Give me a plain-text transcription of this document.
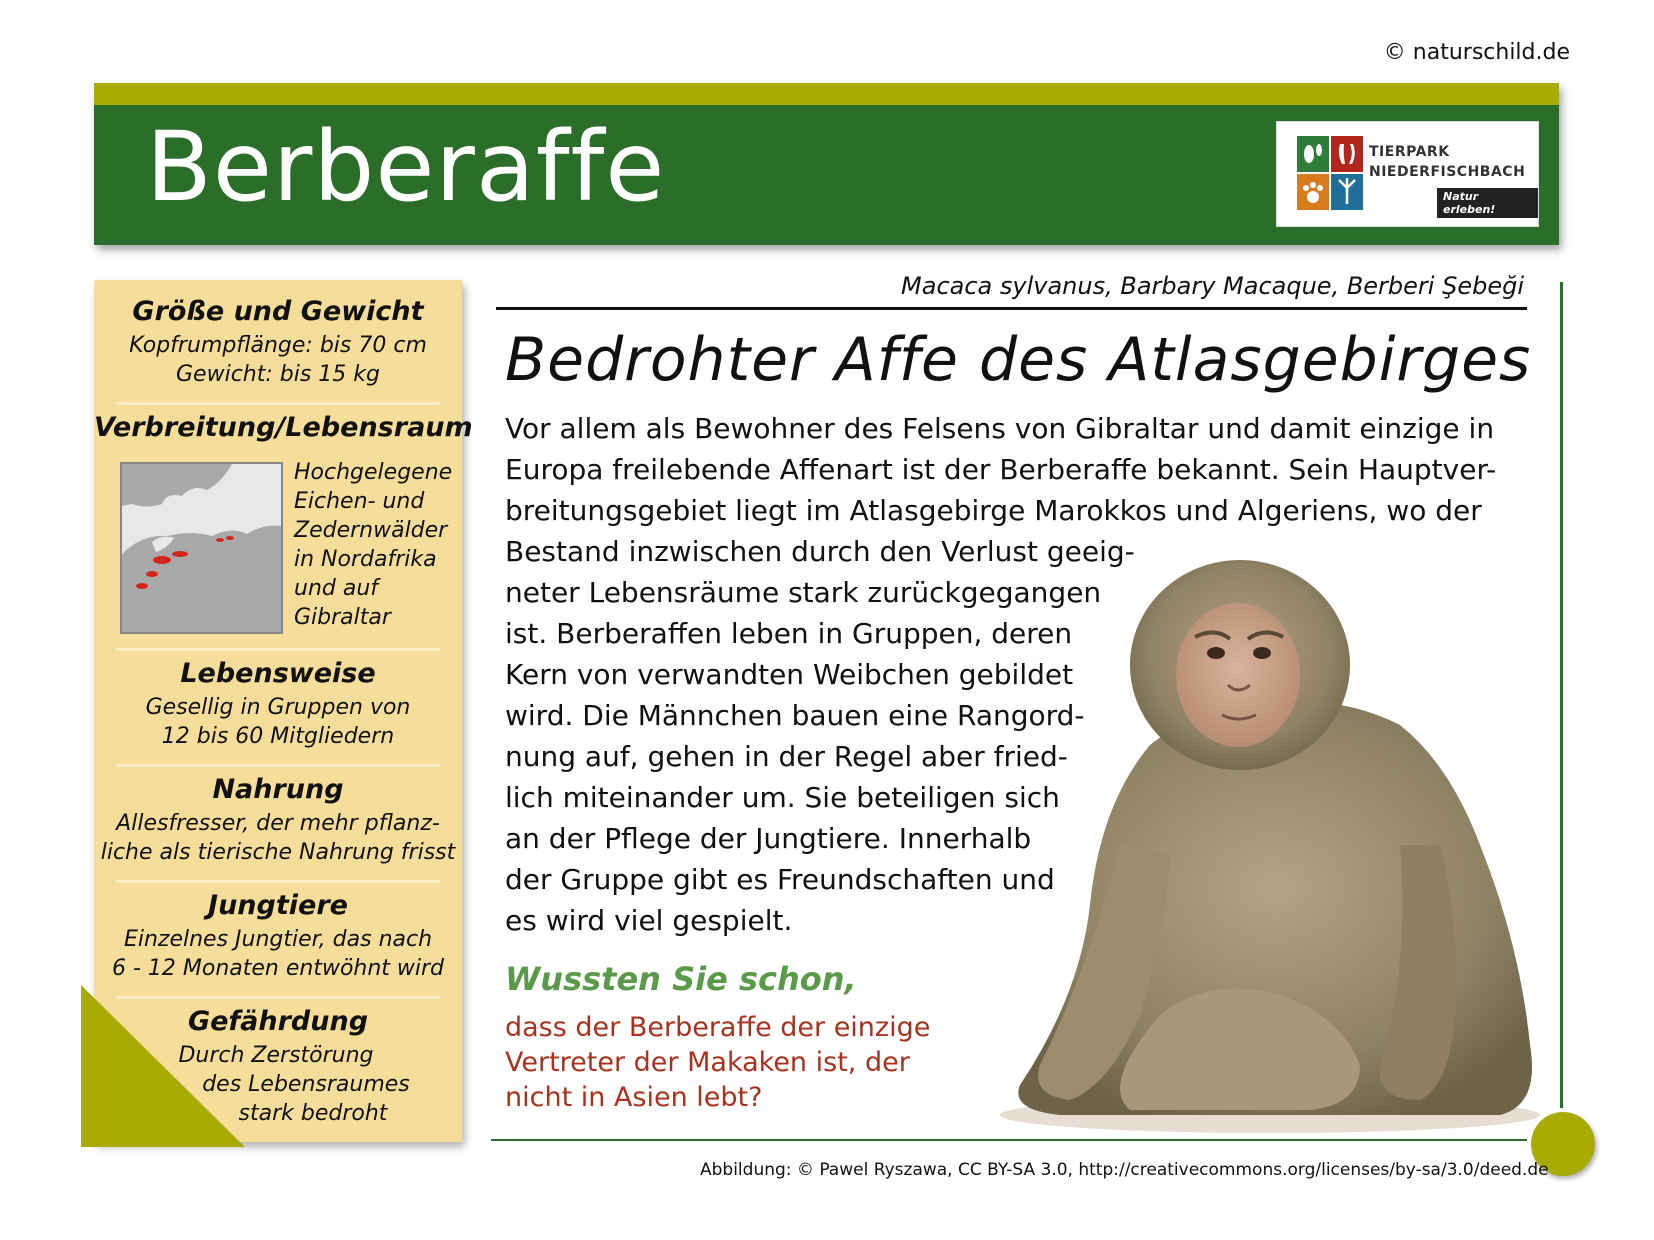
© naturschild.de
Berberaffe	TIERPARK
NIEDERFISCHBACH
Natur erleben!
Größe und Gewicht
Kopfrumpflänge: bis 70 cm
Gewicht: bis 15 kg
Verbreitung/Lebensraum
Hochgelegene
Eichen- und
Zedernwälder
in Nordafrika
und auf
Gibraltar
Lebensweise
Gesellig in Gruppen von
12 bis 60 Mitgliedern
Nahrung
Allesfresser, der mehr pflanz-
liche als tierische Nahrung frisst
Jungtiere
Einzelnes Jungtier, das nach
6 - 12 Monaten entwöhnt wird
Gefährdung
Durch Zerstörung
des Lebensraumes
stark bedroht
Macaca sylvanus, Barbary Macaque, Berberi Şebeği
Bedrohter Affe des Atlasgebirges
Vor allem als Bewohner des Felsens von Gibraltar und damit einzige in
Europa freilebende Affenart ist der Berberaffe bekannt. Sein Hauptver-
breitungsgebiet liegt im Atlasgebirge Marokkos und Algeriens, wo der
Bestand inzwischen durch den Verlust geeig-
neter Lebensräume stark zurückgegangen
ist. Berberaffen leben in Gruppen, deren
Kern von verwandten Weibchen gebildet
wird. Die Männchen bauen eine Rangord-
nung auf, gehen in der Regel aber fried-
lich miteinander um. Sie beteiligen sich
an der Pflege der Jungtiere. Innerhalb
der Gruppe gibt es Freundschaften und
es wird viel gespielt.
Wussten Sie schon,
dass der Berberaffe der einzige
Vertreter der Makaken ist, der
nicht in Asien lebt?
Abbildung: © Pawel Ryszawa, CC BY-SA 3.0, http://creativecommons.org/licenses/by-sa/3.0/deed.de
